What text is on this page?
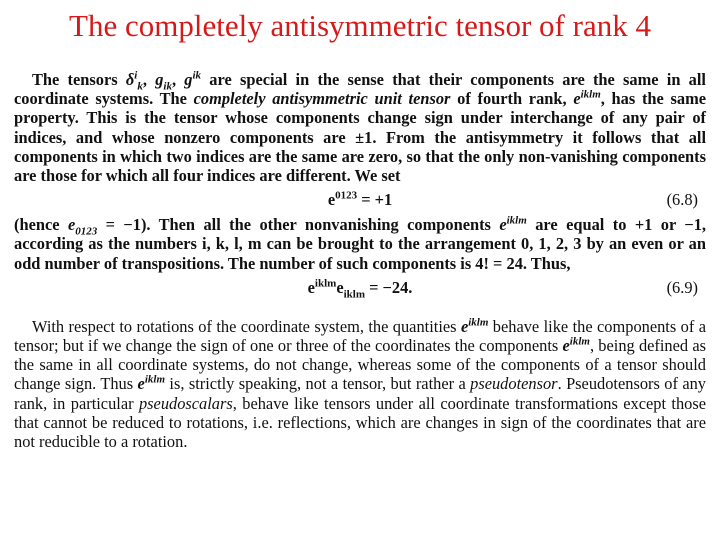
The completely antisymmetric tensor of rank 4
The tensors $\delta^i_k$, $g_{ik}$, $g^{ik}$ are special in the sense that their components are the same in all coordinate systems. The completely antisymmetric unit tensor of fourth rank, $e^{iklm}$, has the same property. This is the tensor whose components change sign under interchange of any pair of indices, and whose nonzero components are ±1. From the antisymmetry it follows that all components in which two indices are the same are zero, so that the only non-vanishing components are those for which all four indices are different. We set
$e^{0123} = +1$	(6.8)
(hence $e_{0123} = -1$). Then all the other nonvanishing components $e^{iklm}$ are equal to +1 or −1, according as the numbers i, k, l, m can be brought to the arrangement 0, 1, 2, 3 by an even or an odd number of transpositions. The number of such components is 4! = 24. Thus,
$e^{iklm}e_{iklm} = -24$.	(6.9)
With respect to rotations of the coordinate system, the quantities $e^{iklm}$ behave like the components of a tensor; but if we change the sign of one or three of the coordinates the components $e^{iklm}$, being defined as the same in all coordinate systems, do not change, whereas some of the components of a tensor should change sign. Thus $e^{iklm}$ is, strictly speaking, not a tensor, but rather a pseudotensor. Pseudotensors of any rank, in particular pseudoscalars, behave like tensors under all coordinate transformations except those that cannot be reduced to rotations, i.e. reflections, which are changes in sign of the coordinates that are not reducible to a rotation.
